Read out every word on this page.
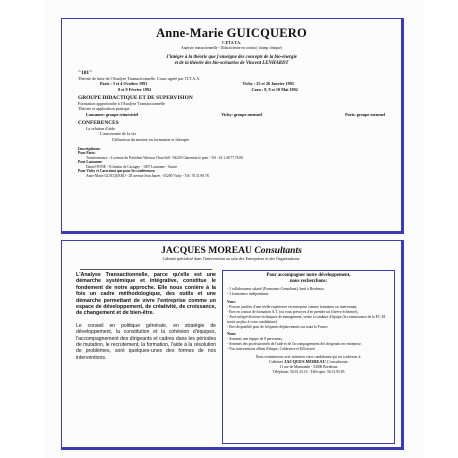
Anne-Marie GUICQUERO
C.P.T.S.T.A.
Analyste transactionnelle - Didacticienne en contrat ( champ clinique)
J'intègre à la théorie que j'enseigne des concepts de la bio-énergie
et de la théorie des bio-scénarios de Vincent LENHARDT
"101"
Théorie de base de l'Analyse Transactionnelle. Cours agréé par l'I.T.A.A.
Paris : 3 et 4 Octobre 1991	Vichy : 25 et 26 Janvier 1992
8 et 9 Février 1992	Caen : 8, 9 et 10 Mai 1992
GROUPE DIDACTIQUE ET DE SUPERVISION
Formation approfondie à l'Analyse Transactionnelle
Théorie et application pratique
Lausanne: groupe trimestriel	Vichy: groupe mensuel	Paris: groupe mensuel
CONFERENCES
La relation d'aide
L'autonomie de la vie
Utilisation du moteur en formation et thérapie
Inscriptions:
Pour Paris:
Transformance - 4 avenue du Président Winston Churchill - 94220 Charenton le pont - Tél : 16.1.48.77.76.00.
Pour Lausanne:
Daniel FONE - 8 chemin de Castigny - 1007 Lausanne - Suisse
Pour Vichy et Caen ainsi que pour les conférences:
Anne-Marie GUICQUERO - 28 avenue Jean Jaurès - 03200 Vichy - Tél: 70.31.98.78.
JACQUES MOREAU Consultants
Cabinet spécialisé dans l'intervention au sein des Entreprises et des Organisations.

L'Analyse Transactionnelle, parce qu'elle est une démarche systémique et intégrative, constitue le fondement de notre approche. Elle nous conière à la fois un cadre méthodologique, des outils et une démarche permettant de vivre l'entreprise comme un espace de développement, de créativité, de croissance, de changement et de bien-être.

Le conseil en politique générale, en stratégie de développement, la constitution et la cohésion d'équipes, l'accompagnement des dirigeants et cadres dans les périodes de mutation, le recrutement, la formation, l'aide à la résolution de problèmes, sont quelques-unes des formes de nos interventions.

Pour accompagner notre développement,
nous recherchons:
- 1 collaborateur salarié (Formateur-Consultant), basé à Bordeaux
- 3 formateurs indépendants
Vous:
- Pouvez justifier d'une réelle expérience en entreprise comme formateur ou intervenant,
- Etes en contrat de formation A.T. (ou vous prévoyez d'en prendre un à brève échéance),
- Avez intégré diverses techniques de management, venez à conduire d'équipe (la connaissance de la P.C.M. serait un plus à votre candidature)
- Etes disponible pour de fréquents déplacements sur toute la France
Nous:
- Sommes une équipe de 8 personnes,
- Sommes des professionnels de l'aide et de l'accompagnement des dirigeants en entreprise,
- Nos interventions allient Ethique, Cohérence et Efficience
Nous examinerons avec attention votre candidature qui est à adresser à:
Cabinet JACQUES MOREAU Consultants
11 rue de Marmande - 33000 Bordeaux
Téléphone: 56.91.33.14 - Télécopie: 56.31.93.85
